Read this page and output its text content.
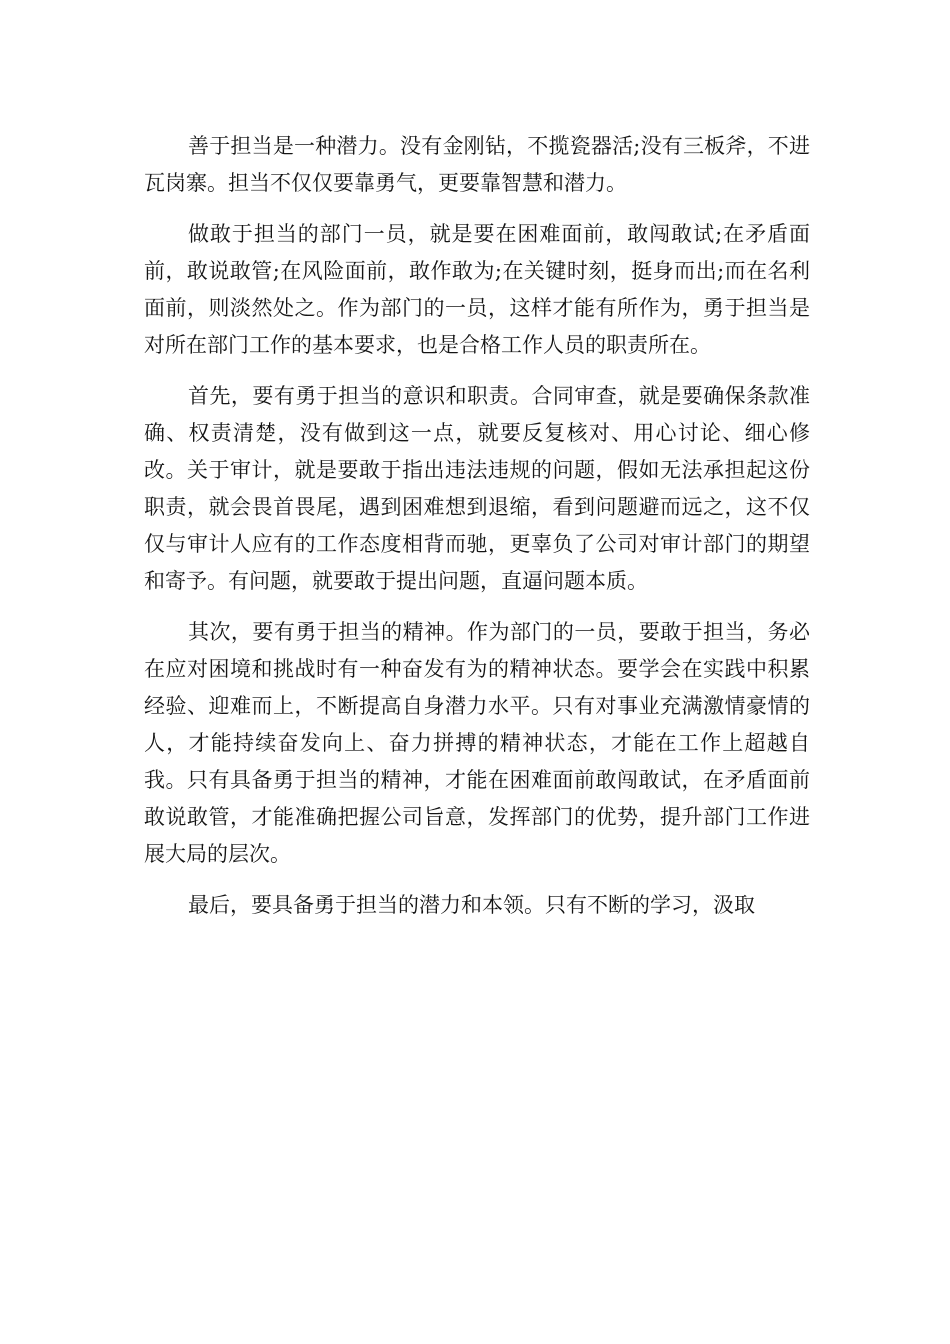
善于担当是一种潜力。没有金刚钻，不揽瓷器活;没有三板斧，不进瓦岗寨。担当不仅仅要靠勇气，更要靠智慧和潜力。

做敢于担当的部门一员，就是要在困难面前，敢闯敢试;在矛盾面前，敢说敢管;在风险面前，敢作敢为;在关键时刻，挺身而出;而在名利面前，则淡然处之。作为部门的一员，这样才能有所作为，勇于担当是对所在部门工作的基本要求，也是合格工作人员的职责所在。

首先，要有勇于担当的意识和职责。合同审查，就是要确保条款准确、权责清楚，没有做到这一点，就要反复核对、用心讨论、细心修改。关于审计，就是要敢于指出违法违规的问题，假如无法承担起这份职责，就会畏首畏尾，遇到困难想到退缩，看到问题避而远之，这不仅仅与审计人应有的工作态度相背而驰，更辜负了公司对审计部门的期望和寄予。有问题，就要敢于提出问题，直逼问题本质。

其次，要有勇于担当的精神。作为部门的一员，要敢于担当，务必在应对困境和挑战时有一种奋发有为的精神状态。要学会在实践中积累经验、迎难而上，不断提高自身潜力水平。只有对事业充满激情豪情的人，才能持续奋发向上、奋力拼搏的精神状态，才能在工作上超越自我。只有具备勇于担当的精神，才能在困难面前敢闯敢试，在矛盾面前敢说敢管，才能准确把握公司旨意，发挥部门的优势，提升部门工作进展大局的层次。

最后，要具备勇于担当的潜力和本领。只有不断的学习，汲取
